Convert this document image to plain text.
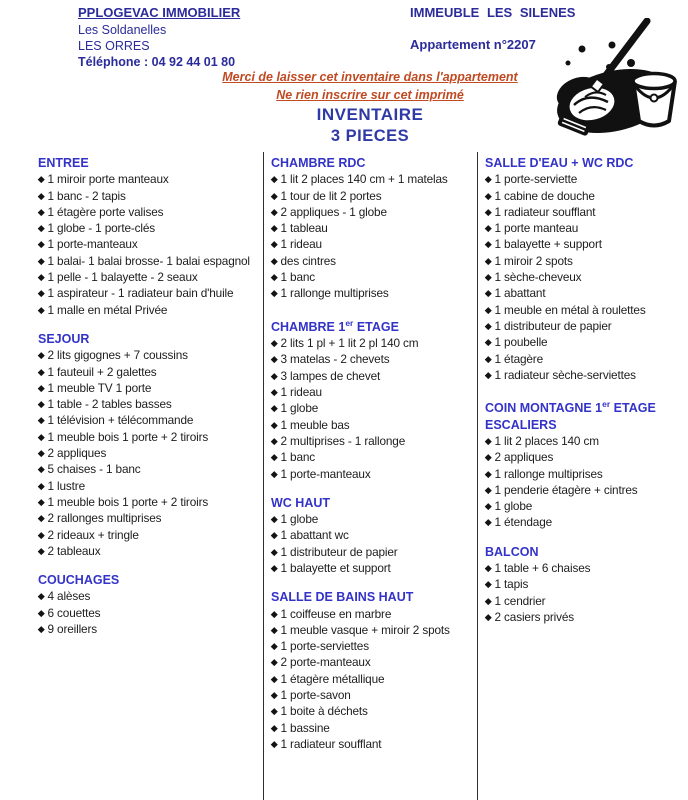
PPLOGEVAC IMMOBILIER
Les Soldanelles
LES ORRES
Téléphone : 04 92 44 01 80
IMMEUBLE LES SILENES
Appartement n°2207
Merci de laisser cet inventaire dans l'appartement
Ne rien inscrire sur cet imprimé
INVENTAIRE
3 PIECES
ENTREE
1 miroir porte manteaux
1 banc - 2 tapis
1 étagère porte valises
1 globe - 1 porte-clés
1 porte-manteaux
1 balai- 1 balai brosse- 1 balai espagnol
1 pelle - 1 balayette - 2 seaux
1 aspirateur - 1 radiateur bain d'huile
1 malle en métal Privée
SEJOUR
2 lits gigognes + 7 coussins
1 fauteuil + 2 galettes
1 meuble TV 1 porte
1 table - 2 tables basses
1 télévision + télécommande
1 meuble bois 1 porte + 2 tiroirs
2 appliques
5 chaises - 1 banc
1 lustre
1 meuble bois 1 porte + 2 tiroirs
2 rallonges multiprises
2 rideaux + tringle
2 tableaux
COUCHAGES
4 alèses
6 couettes
9 oreillers
CHAMBRE RDC
1 lit 2 places 140 cm + 1 matelas
1 tour de lit 2 portes
2 appliques - 1 globe
1 tableau
1 rideau
des cintres
1 banc
1 rallonge multiprises
CHAMBRE 1er ETAGE
2 lits 1 pl + 1 lit 2 pl 140 cm
3 matelas - 2 chevets
3 lampes de chevet
1 rideau
1 globe
1 meuble bas
2 multiprises - 1 rallonge
1 banc
1 porte-manteaux
WC HAUT
1 globe
1 abattant wc
1 distributeur de papier
1 balayette et support
SALLE DE BAINS HAUT
1 coiffeuse en marbre
1 meuble vasque + miroir 2 spots
1 porte-serviettes
2 porte-manteaux
1 étagère métallique
1 porte-savon
1 boite à déchets
1 bassine
1 radiateur soufflant
SALLE D'EAU + WC RDC
1 porte-serviette
1 cabine de douche
1 radiateur soufflant
1 porte manteau
1 balayette + support
1 miroir 2 spots
1 sèche-cheveux
1 abattant
1 meuble en métal à roulettes
1 distributeur de papier
1 poubelle
1 étagère
1 radiateur sèche-serviettes
COIN MONTAGNE 1er ETAGE
ESCALIERS
1 lit 2 places 140 cm
2 appliques
1 rallonge multiprises
1 penderie étagère + cintres
1 globe
1 étendage
BALCON
1 table + 6 chaises
1 tapis
1 cendrier
2 casiers privés
